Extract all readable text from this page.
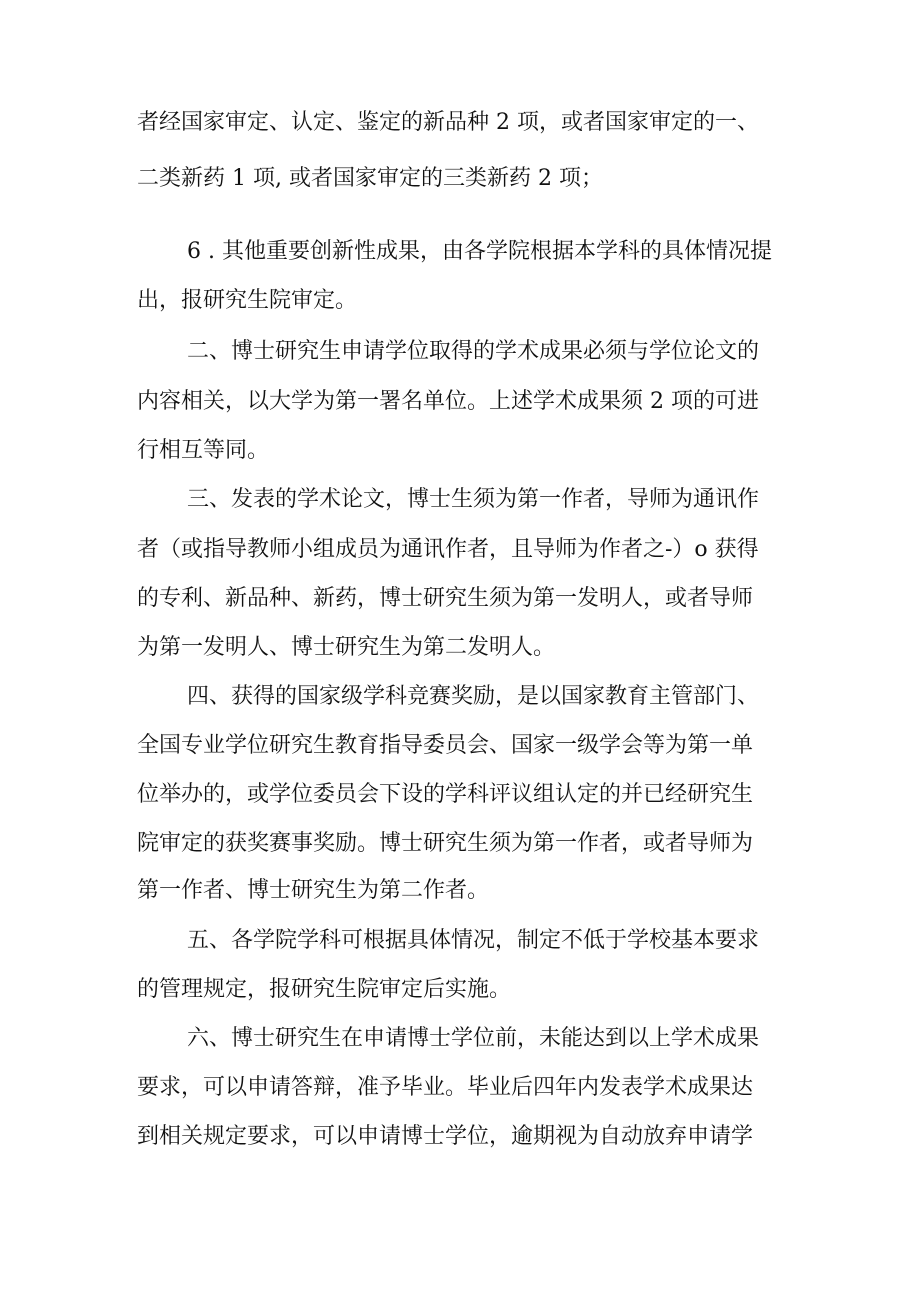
者经国家审定、认定、鉴定的新品种 2 项，或者国家审定的一、
二类新药 1 项, 或者国家审定的三类新药 2 项；
6 . 其他重要创新性成果，由各学院根据本学科的具体情况提
出，报研究生院审定。
二、博士研究生申请学位取得的学术成果必须与学位论文的
内容相关，以大学为第一署名单位。上述学术成果须 2 项的可进
行相互等同。
三、发表的学术论文，博士生须为第一作者，导师为通讯作
者（或指导教师小组成员为通讯作者，且导师为作者之-）o 获得
的专利、新品种、新药，博士研究生须为第一发明人，或者导师
为第一发明人、博士研究生为第二发明人。
四、获得的国家级学科竞赛奖励，是以国家教育主管部门、
全国专业学位研究生教育指导委员会、国家一级学会等为第一单
位举办的，或学位委员会下设的学科评议组认定的并已经研究生
院审定的获奖赛事奖励。博士研究生须为第一作者，或者导师为
第一作者、博士研究生为第二作者。
五、各学院学科可根据具体情况，制定不低于学校基本要求
的管理规定，报研究生院审定后实施。
六、博士研究生在申请博士学位前，未能达到以上学术成果
要求，可以申请答辩，准予毕业。毕业后四年内发表学术成果达
到相关规定要求，可以申请博士学位，逾期视为自动放弃申请学
